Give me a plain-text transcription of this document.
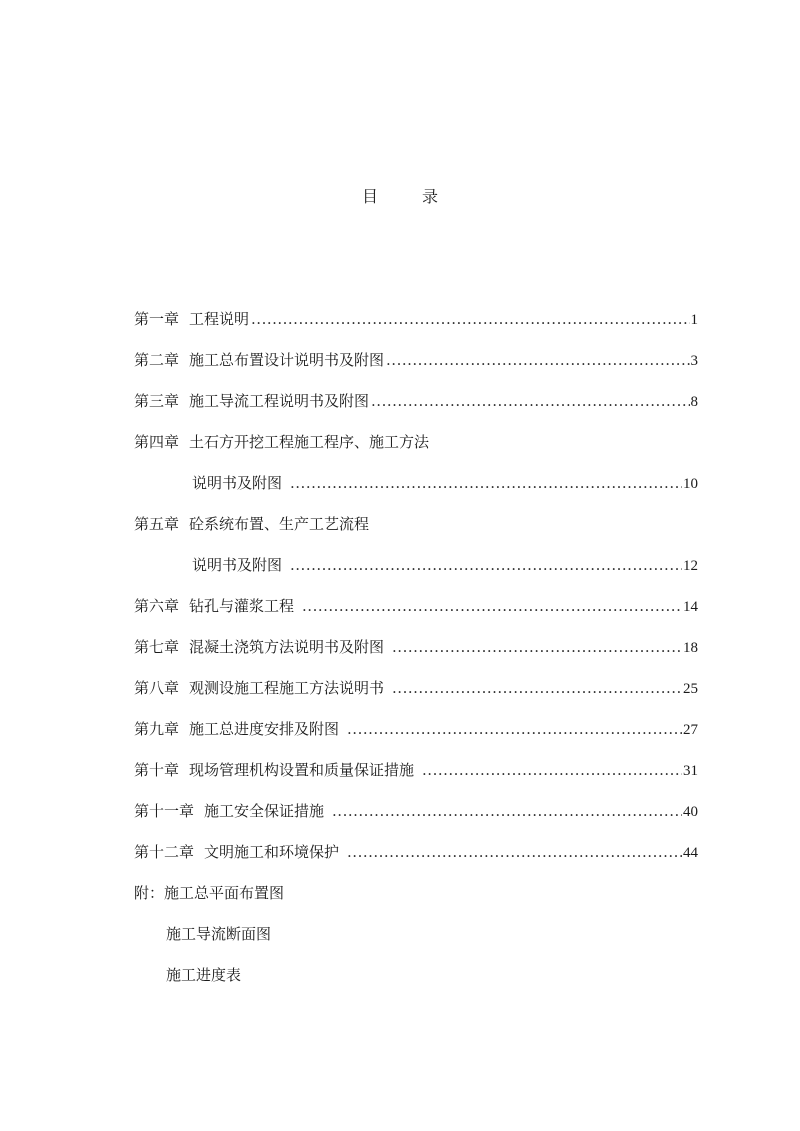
目	录
第一章 工程说明 .....	1
第二章 施工总布置设计说明书及附图 .....	3
第三章 施工导流工程说明书及附图 .....	8
第四章 土石方开挖工程施工程序、施工方法
说明书及附图 .....	10
第五章 砼系统布置、生产工艺流程
说明书及附图 .....	12
第六章 钻孔与灌浆工程 .....	14
第七章 混凝土浇筑方法说明书及附图 .....	18
第八章 观测设施工程施工方法说明书 .....	25
第九章 施工总进度安排及附图 .....	27
第十章 现场管理机构设置和质量保证措施 .....	31
第十一章 施工安全保证措施 .....	40
第十二章 文明施工和环境保护 .....	44
附：施工总平面布置图
施工导流断面图
施工进度表
